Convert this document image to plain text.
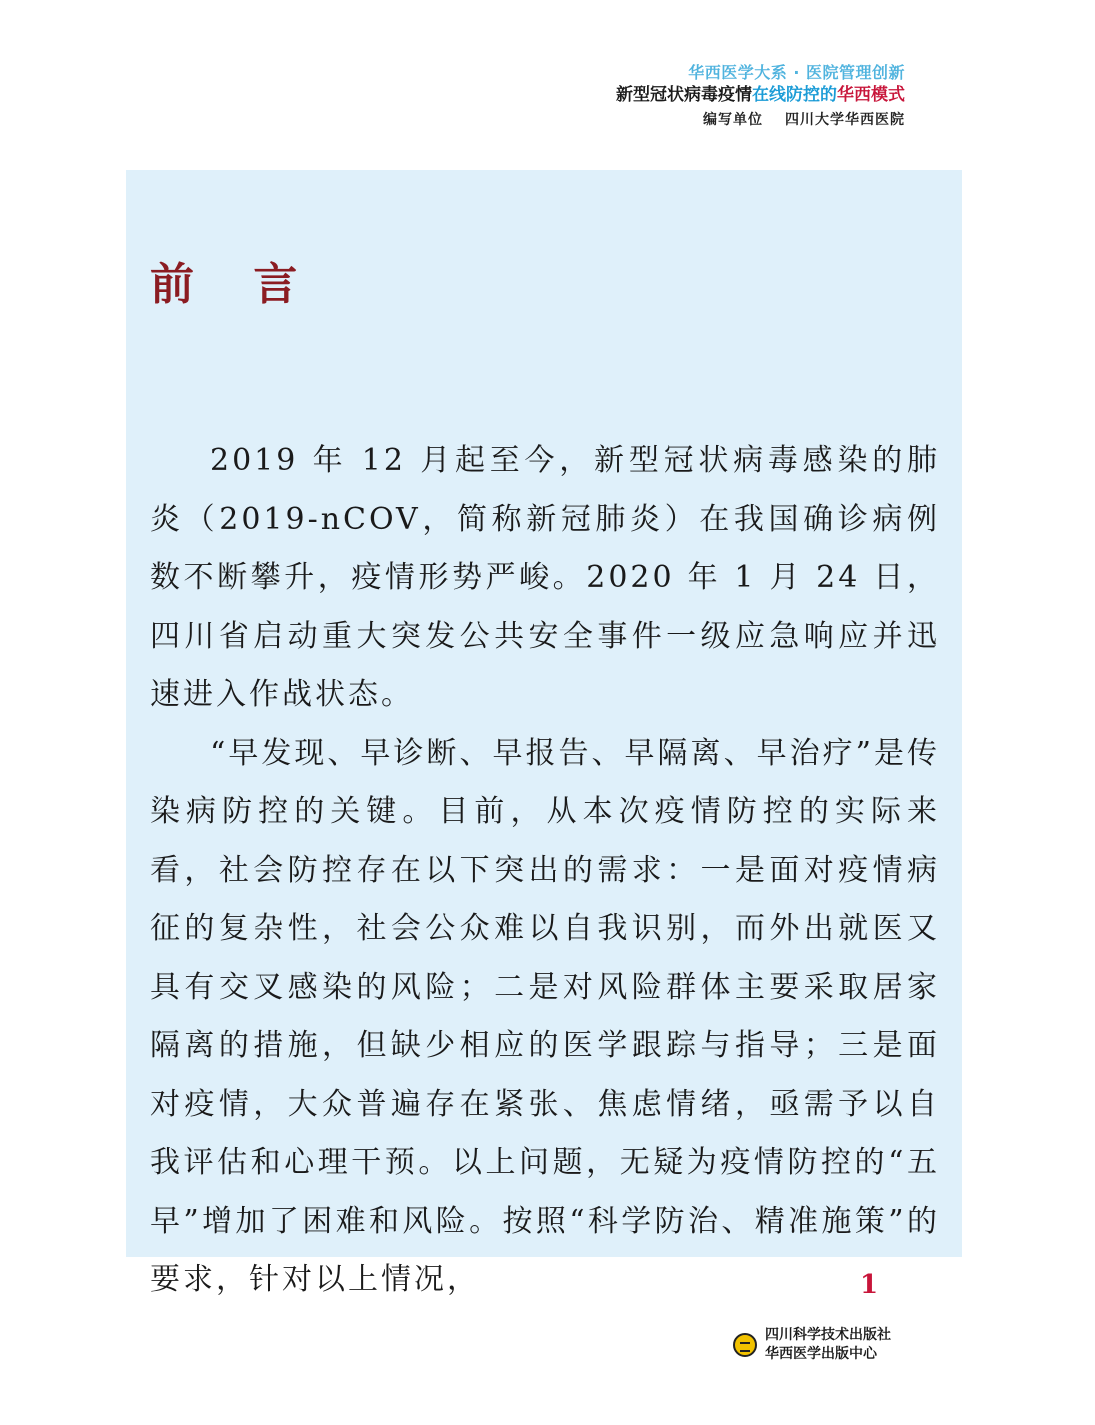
华西医学大系 · 医院管理创新
新型冠状病毒疫情在线防控的华西模式
编写单位 四川大学华西医院
前 言

2019 年 12 月起至今，新型冠状病毒感染的肺炎（2019-nCOV，简称新冠肺炎）在我国确诊病例数不断攀升，疫情形势严峻。2020 年 1 月 24 日，四川省启动重大突发公共安全事件一级应急响应并迅速进入作战状态。

“早发现、早诊断、早报告、早隔离、早治疗”是传染病防控的关键。目前，从本次疫情防控的实际来看，社会防控存在以下突出的需求：一是面对疫情病征的复杂性，社会公众难以自我识别，而外出就医又具有交叉感染的风险；二是对风险群体主要采取居家隔离的措施，但缺少相应的医学跟踪与指导；三是面对疫情，大众普遍存在紧张、焦虑情绪，亟需予以自我评估和心理干预。以上问题，无疑为疫情防控的“五早”增加了困难和风险。按照“科学防治、精准施策”的要求，针对以上情况，	1
四川科学技术出版社
华西医学出版中心
